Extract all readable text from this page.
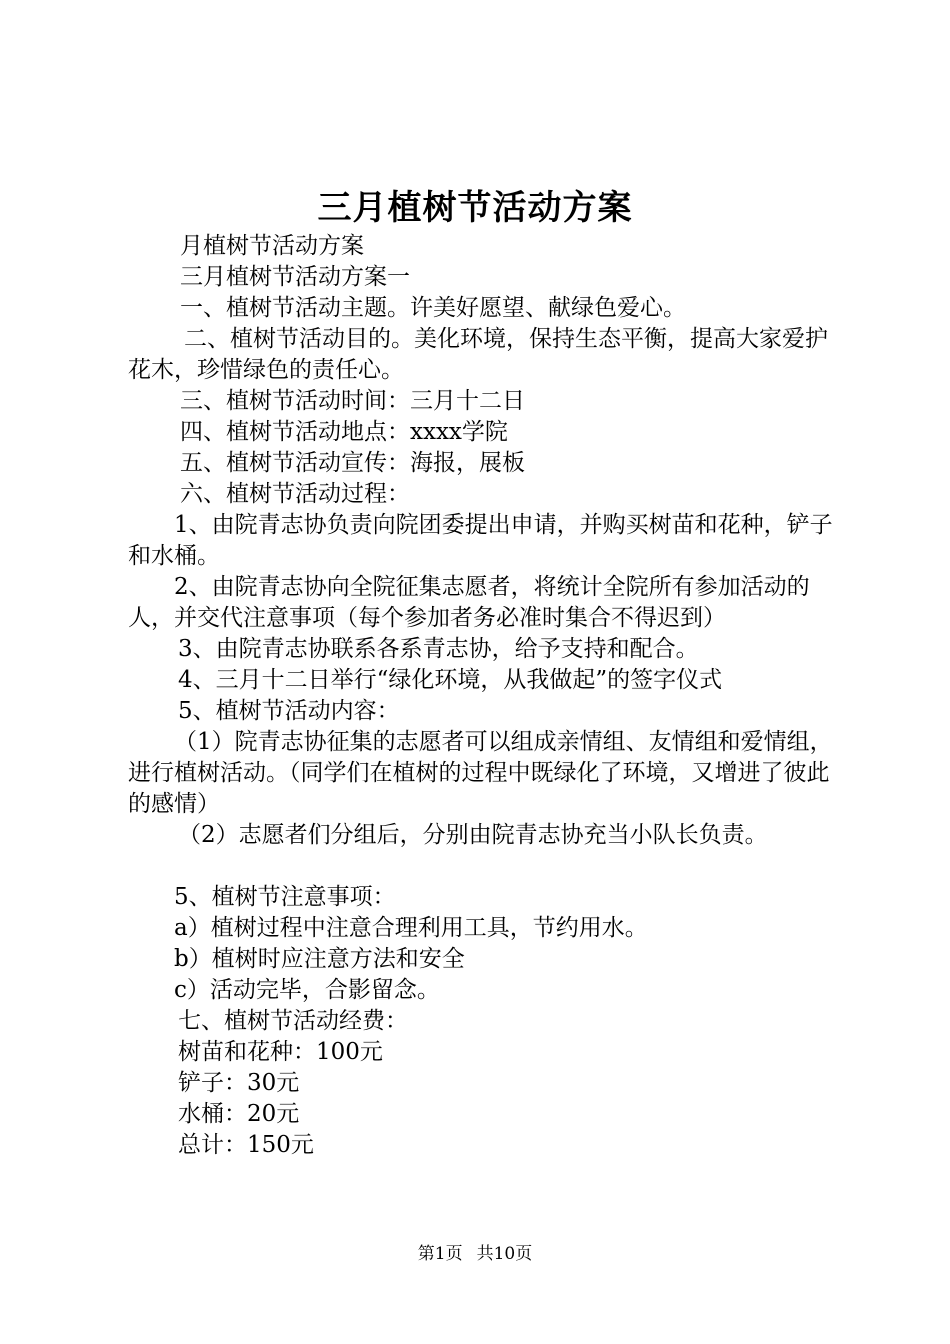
三月植树节活动方案

月植树节活动方案

三月植树节活动方案一

一、植树节活动主题。许美好愿望、献绿色爱心。

二、植树节活动目的。美化环境，保持生态平衡，提高大家爱护花木，珍惜绿色的责任心。

三、植树节活动时间：三月十二日

四、植树节活动地点：xxxx学院

五、植树节活动宣传：海报，展板

六、植树节活动过程：

1、由院青志协负责向院团委提出申请，并购买树苗和花种，铲子和水桶。

2、由院青志协向全院征集志愿者，将统计全院所有参加活动的人，并交代注意事项（每个参加者务必准时集合不得迟到）

3、由院青志协联系各系青志协，给予支持和配合。

4、三月十二日举行“绿化环境，从我做起”的签字仪式

5、植树节活动内容：

（1）院青志协征集的志愿者可以组成亲情组、友情组和爱情组，进行植树活动。（同学们在植树的过程中既绿化了环境，又增进了彼此的感情）

（2）志愿者们分组后，分别由院青志协充当小队长负责。

5、植树节注意事项：

a）植树过程中注意合理利用工具，节约用水。

b）植树时应注意方法和安全

c）活动完毕，合影留念。

七、植树节活动经费：

树苗和花种：100元

铲子：30元

水桶：20元

总计：150元

第1页 共10页
